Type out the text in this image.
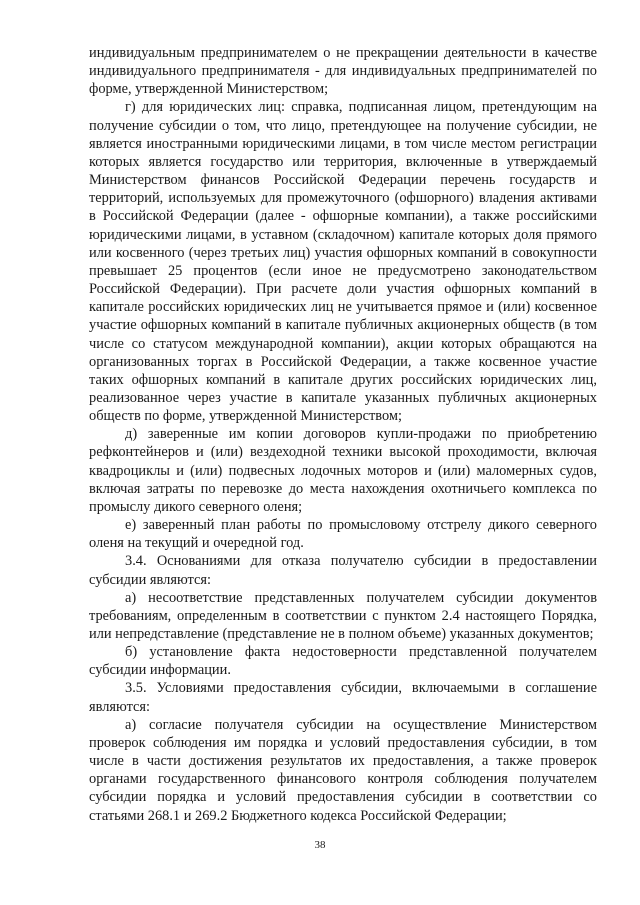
индивидуальным предпринимателем о не прекращении деятельности в качестве индивидуального предпринимателя - для индивидуальных предпринимателей по форме, утвержденной Министерством;

г) для юридических лиц: справка, подписанная лицом, претендующим на получение субсидии о том, что лицо, претендующее на получение субсидии, не является иностранными юридическими лицами, в том числе местом регистрации которых является государство или территория, включенные в утверждаемый Министерством финансов Российской Федерации перечень государств и территорий, используемых для промежуточного (офшорного) владения активами в Российской Федерации (далее - офшорные компании), а также российскими юридическими лицами, в уставном (складочном) капитале которых доля прямого или косвенного (через третьих лиц) участия офшорных компаний в совокупности превышает 25 процентов (если иное не предусмотрено законодательством Российской Федерации). При расчете доли участия офшорных компаний в капитале российских юридических лиц не учитывается прямое и (или) косвенное участие офшорных компаний в капитале публичных акционерных обществ (в том числе со статусом международной компании), акции которых обращаются на организованных торгах в Российской Федерации, а также косвенное участие таких офшорных компаний в капитале других российских юридических лиц, реализованное через участие в капитале указанных публичных акционерных обществ по форме, утвержденной Министерством;

д) заверенные им копии договоров купли-продажи по приобретению рефконтейнеров и (или) вездеходной техники высокой проходимости, включая квадроциклы и (или) подвесных лодочных моторов и (или) маломерных судов, включая затраты по перевозке до места нахождения охотничьего комплекса по промыслу дикого северного оленя;

е) заверенный план работы по промысловому отстрелу дикого северного оленя на текущий и очередной год.

3.4. Основаниями для отказа получателю субсидии в предоставлении субсидии являются:

а) несоответствие представленных получателем субсидии документов требованиям, определенным в соответствии с пунктом 2.4 настоящего Порядка, или непредставление (представление не в полном объеме) указанных документов;

б) установление факта недостоверности представленной получателем субсидии информации.

3.5. Условиями предоставления субсидии, включаемыми в соглашение являются:

а) согласие получателя субсидии на осуществление Министерством проверок соблюдения им порядка и условий предоставления субсидии, в том числе в части достижения результатов их предоставления, а также проверок органами государственного финансового контроля соблюдения получателем субсидии порядка и условий предоставления субсидии в соответствии со статьями 268.1 и 269.2 Бюджетного кодекса Российской Федерации;

38
